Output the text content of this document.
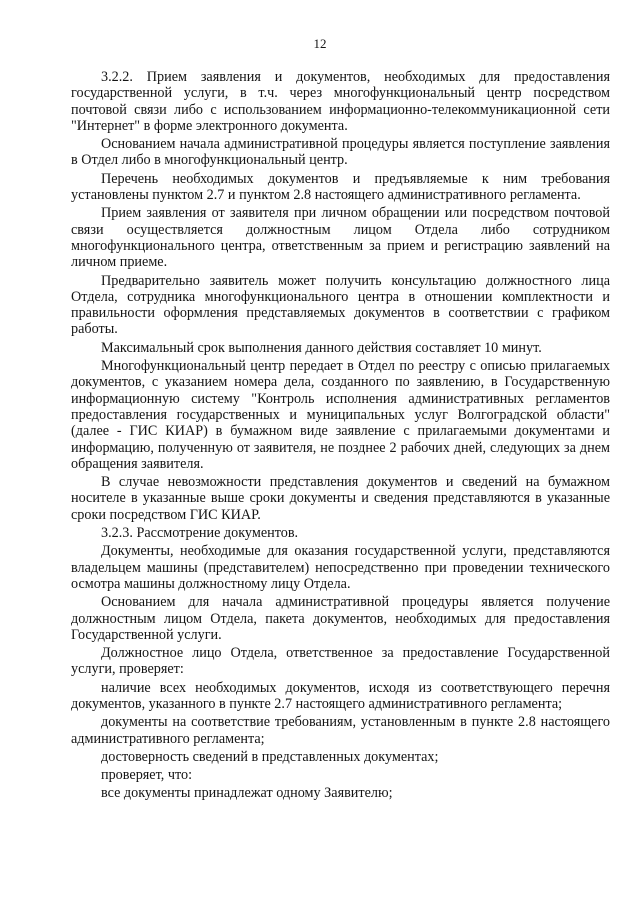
12

3.2.2. Прием заявления и документов, необходимых для предоставления государственной услуги, в т.ч. через многофункциональный центр посредством почтовой связи либо с использованием информационно-телекоммуникационной сети "Интернет" в форме электронного документа.

Основанием начала административной процедуры является поступление заявления в Отдел либо в многофункциональный центр.

Перечень необходимых документов и предъявляемые к ним требования установлены пунктом 2.7 и пунктом 2.8 настоящего административного регламента.

Прием заявления от заявителя при личном обращении или посредством почтовой связи осуществляется должностным лицом Отдела либо сотрудником многофункционального центра, ответственным за прием и регистрацию заявлений на личном приеме.

Предварительно заявитель может получить консультацию должностного лица Отдела, сотрудника многофункционального центра в отношении комплектности и правильности оформления представляемых документов в соответствии с графиком работы.

Максимальный срок выполнения данного действия составляет 10 минут.

Многофункциональный центр передает в Отдел по реестру с описью прилагаемых документов, с указанием номера дела, созданного по заявлению, в Государственную информационную систему "Контроль исполнения административных регламентов предоставления государственных и муниципальных услуг Волгоградской области" (далее - ГИС КИАР) в бумажном виде заявление с прилагаемыми документами и информацию, полученную от заявителя, не позднее 2 рабочих дней, следующих за днем обращения заявителя.

В случае невозможности представления документов и сведений на бумажном носителе в указанные выше сроки документы и сведения представляются в указанные сроки посредством ГИС КИАР.

3.2.3. Рассмотрение документов.

Документы, необходимые для оказания государственной услуги, представляются владельцем машины (представителем) непосредственно при проведении технического осмотра машины должностному лицу Отдела.

Основанием для начала административной процедуры является получение должностным лицом Отдела, пакета документов, необходимых для предоставления Государственной услуги.

Должностное лицо Отдела, ответственное за предоставление Государственной услуги, проверяет:

наличие всех необходимых документов, исходя из соответствующего перечня документов, указанного в пункте 2.7 настоящего административного регламента;

документы на соответствие требованиям, установленным в пункте 2.8 настоящего административного регламента;

достоверность сведений в представленных документах;

проверяет, что:

все документы принадлежат одному Заявителю;
